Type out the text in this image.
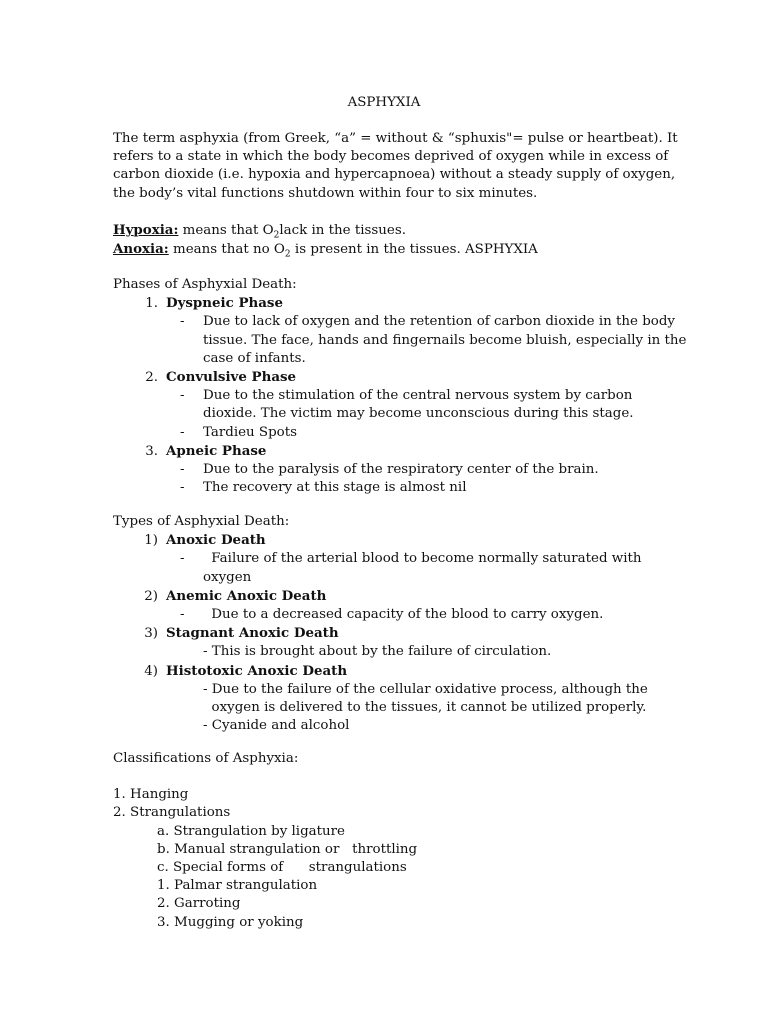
ASPHYXIA
The term asphyxia (from Greek, “a” = without & “sphuxis"= pulse or heartbeat). It
refers to a state in which the body becomes deprived of oxygen while in excess of
carbon dioxide (i.e. hypoxia and hypercapnoea) without a steady supply of oxygen,
the body’s vital functions shutdown within four to six minutes.
Hypoxia: means that $O_2lack$ in the tissues.
Anoxia: means that no $O_2$ is present in the tissues. ASPHYXIA
Phases of Asphyxial Death:
1. Dyspneic Phase
-	Due to lack of oxygen and the retention of carbon dioxide in the body
tissue. The face, hands and fingernails become bluish, especially in the
case of infants.
2. Convulsive Phase
-	Due to the stimulation of the central nervous system by carbon
dioxide. The victim may become unconscious during this stage.
-	Tardieu Spots
3. Apneic Phase
-	Due to the paralysis of the respiratory center of the brain.
-	The recovery at this stage is almost nil
Types of Asphyxial Death:
1) Anoxic Death
-  Failure of the arterial blood to become normally saturated with
oxygen
2) Anemic Anoxic Death
-  Due to a decreased capacity of the blood to carry oxygen.
3) Stagnant Anoxic Death
- This is brought about by the failure of circulation.
4) Histotoxic Anoxic Death
- Due to the failure of the cellular oxidative process, although the
oxygen is delivered to the tissues, it cannot be utilized properly.
- Cyanide and alcohol
Classifications of Asphyxia:
1. Hanging
2. Strangulations
a. Strangulation by ligature
b. Manual strangulation or   throttling
c. Special forms of      strangulations
1. Palmar strangulation
2. Garroting
3. Mugging or yoking
